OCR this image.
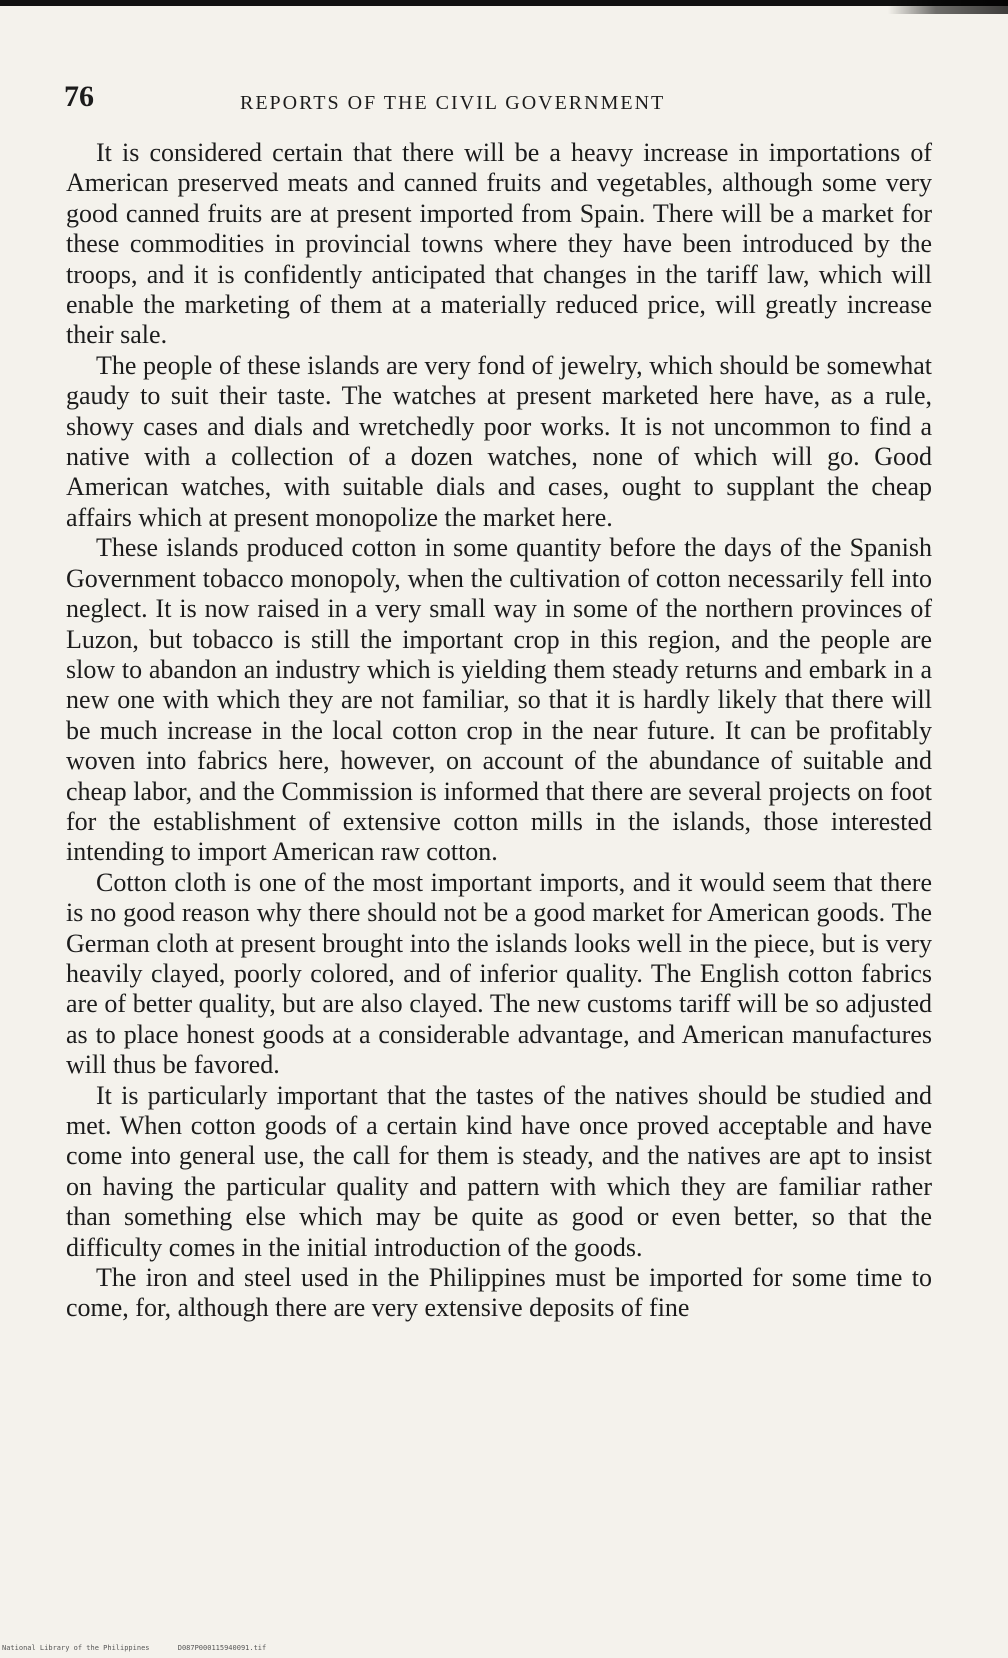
76	REPORTS OF THE CIVIL GOVERNMENT

It is considered certain that there will be a heavy increase in importations of American preserved meats and canned fruits and vegetables, although some very good canned fruits are at present imported from Spain. There will be a market for these commodities in provincial towns where they have been introduced by the troops, and it is confidently anticipated that changes in the tariff law, which will enable the marketing of them at a materially reduced price, will greatly increase their sale.

The people of these islands are very fond of jewelry, which should be somewhat gaudy to suit their taste. The watches at present marketed here have, as a rule, showy cases and dials and wretchedly poor works. It is not uncommon to find a native with a collection of a dozen watches, none of which will go. Good American watches, with suitable dials and cases, ought to supplant the cheap affairs which at present monopolize the market here.

These islands produced cotton in some quantity before the days of the Spanish Government tobacco monopoly, when the cultivation of cotton necessarily fell into neglect. It is now raised in a very small way in some of the northern provinces of Luzon, but tobacco is still the important crop in this region, and the people are slow to abandon an industry which is yielding them steady returns and embark in a new one with which they are not familiar, so that it is hardly likely that there will be much increase in the local cotton crop in the near future. It can be profitably woven into fabrics here, however, on account of the abundance of suitable and cheap labor, and the Commission is informed that there are several projects on foot for the establishment of extensive cotton mills in the islands, those interested intending to import American raw cotton.

Cotton cloth is one of the most important imports, and it would seem that there is no good reason why there should not be a good market for American goods. The German cloth at present brought into the islands looks well in the piece, but is very heavily clayed, poorly colored, and of inferior quality. The English cotton fabrics are of better quality, but are also clayed. The new customs tariff will be so adjusted as to place honest goods at a considerable advantage, and American manufactures will thus be favored.

It is particularly important that the tastes of the natives should be studied and met. When cotton goods of a certain kind have once proved acceptable and have come into general use, the call for them is steady, and the natives are apt to insist on having the particular quality and pattern with which they are familiar rather than something else which may be quite as good or even better, so that the difficulty comes in the initial introduction of the goods.

The iron and steel used in the Philippines must be imported for some time to come, for, although there are very extensive deposits of fine

National Library of the Philippines	D087P000115940091.tif
